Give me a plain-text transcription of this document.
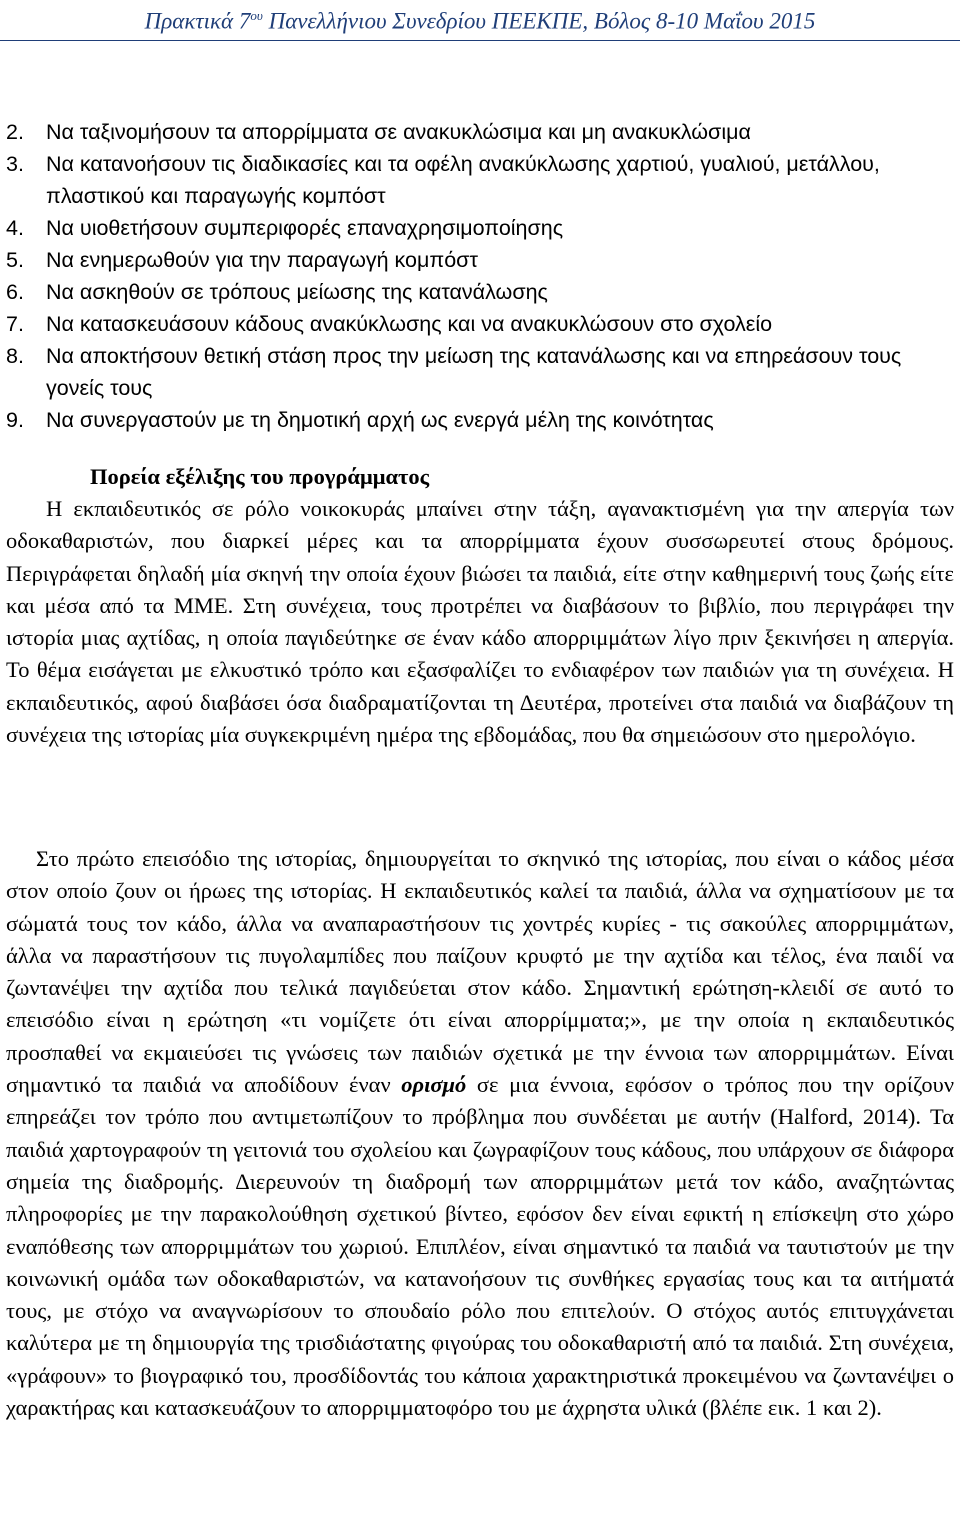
Πρακτικά $7^{o\upsilon}$ Πανελλήνιου Συνεδρίου ΠΕΕΚΠΕ, Βόλος 8-10 Μαΐου 2015
2. Να ταξινομήσουν τα απορρίμματα σε ανακυκλώσιμα και μη ανακυκλώσιμα
3. Να κατανοήσουν τις διαδικασίες και τα οφέλη ανακύκλωσης χαρτιού, γυαλιού, μετάλλου, πλαστικού και παραγωγής κομπόστ
4. Να υιοθετήσουν συμπεριφορές επαναχρησιμοποίησης
5. Να ενημερωθούν για την παραγωγή κομπόστ
6. Να ασκηθούν σε τρόπους μείωσης της κατανάλωσης
7. Να κατασκευάσουν κάδους ανακύκλωσης και να ανακυκλώσουν στο σχολείο
8. Να αποκτήσουν θετική στάση προς την μείωση της κατανάλωσης και να επηρεάσουν τους γονείς τους
9. Να συνεργαστούν με τη δημοτική αρχή ως ενεργά μέλη της κοινότητας
Πορεία εξέλιξης του προγράμματος

Η εκπαιδευτικός σε ρόλο νοικοκυράς μπαίνει στην τάξη, αγανακτισμένη για την απεργία των οδοκαθαριστών, που διαρκεί μέρες και τα απορρίμματα έχουν συσσωρευτεί στους δρόμους. Περιγράφεται δηλαδή μία σκηνή την οποία έχουν βιώσει τα παιδιά, είτε στην καθημερινή τους ζωής είτε και μέσα από τα ΜΜΕ. Στη συνέχεια, τους προτρέπει να διαβάσουν το βιβλίο, που περιγράφει την ιστορία μιας αχτίδας, η οποία παγιδεύτηκε σε έναν κάδο απορριμμάτων λίγο πριν ξεκινήσει η απεργία. Το θέμα εισάγεται με ελκυστικό τρόπο και εξασφαλίζει το ενδιαφέρον των παιδιών για τη συνέχεια. Η εκπαιδευτικός, αφού διαβάσει όσα διαδραματίζονται τη Δευτέρα, προτείνει στα παιδιά να διαβάζουν τη συνέχεια της ιστορίας μία συγκεκριμένη ημέρα της εβδομάδας, που θα σημειώσουν στο ημερολόγιο.

Στο πρώτο επεισόδιο της ιστορίας, δημιουργείται το σκηνικό της ιστορίας, που είναι ο κάδος μέσα στον οποίο ζουν οι ήρωες της ιστορίας. Η εκπαιδευτικός καλεί τα παιδιά, άλλα να σχηματίσουν με τα σώματά τους τον κάδο, άλλα να αναπαραστήσουν τις χοντρές κυρίες - τις σακούλες απορριμμάτων, άλλα να παραστήσουν τις πυγολαμπίδες που παίζουν κρυφτό με την αχτίδα και τέλος, ένα παιδί να ζωντανέψει την αχτίδα που τελικά παγιδεύεται στον κάδο. Σημαντική ερώτηση-κλειδί σε αυτό το επεισόδιο είναι η ερώτηση «τι νομίζετε ότι είναι απορρίμματα;», με την οποία η εκπαιδευτικός προσπαθεί να εκμαιεύσει τις γνώσεις των παιδιών σχετικά με την έννοια των απορριμμάτων. Είναι σημαντικό τα παιδιά να αποδίδουν έναν ορισμό σε μια έννοια, εφόσον ο τρόπος που την ορίζουν επηρεάζει τον τρόπο που αντιμετωπίζουν το πρόβλημα που συνδέεται με αυτήν (Halford, 2014). Τα παιδιά χαρτογραφούν τη γειτονιά του σχολείου και ζωγραφίζουν τους κάδους, που υπάρχουν σε διάφορα σημεία της διαδρομής. Διερευνούν τη διαδρομή των απορριμμάτων μετά τον κάδο, αναζητώντας πληροφορίες με την παρακολούθηση σχετικού βίντεο, εφόσον δεν είναι εφικτή η επίσκεψη στο χώρο εναπόθεσης των απορριμμάτων του χωριού. Επιπλέον, είναι σημαντικό τα παιδιά να ταυτιστούν με την κοινωνική ομάδα των οδοκαθαριστών, να κατανοήσουν τις συνθήκες εργασίας τους και τα αιτήματά τους, με στόχο να αναγνωρίσουν το σπουδαίο ρόλο που επιτελούν. Ο στόχος αυτός επιτυγχάνεται καλύτερα με τη δημιουργία της τρισδιάστατης φιγούρας του οδοκαθαριστή από τα παιδιά. Στη συνέχεια, «γράφουν» το βιογραφικό του, προσδίδοντάς του κάποια χαρακτηριστικά προκειμένου να ζωντανέψει ο χαρακτήρας και κατασκευάζουν το απορριμματοφόρο του με άχρηστα υλικά (βλέπε εικ. 1 και 2).
